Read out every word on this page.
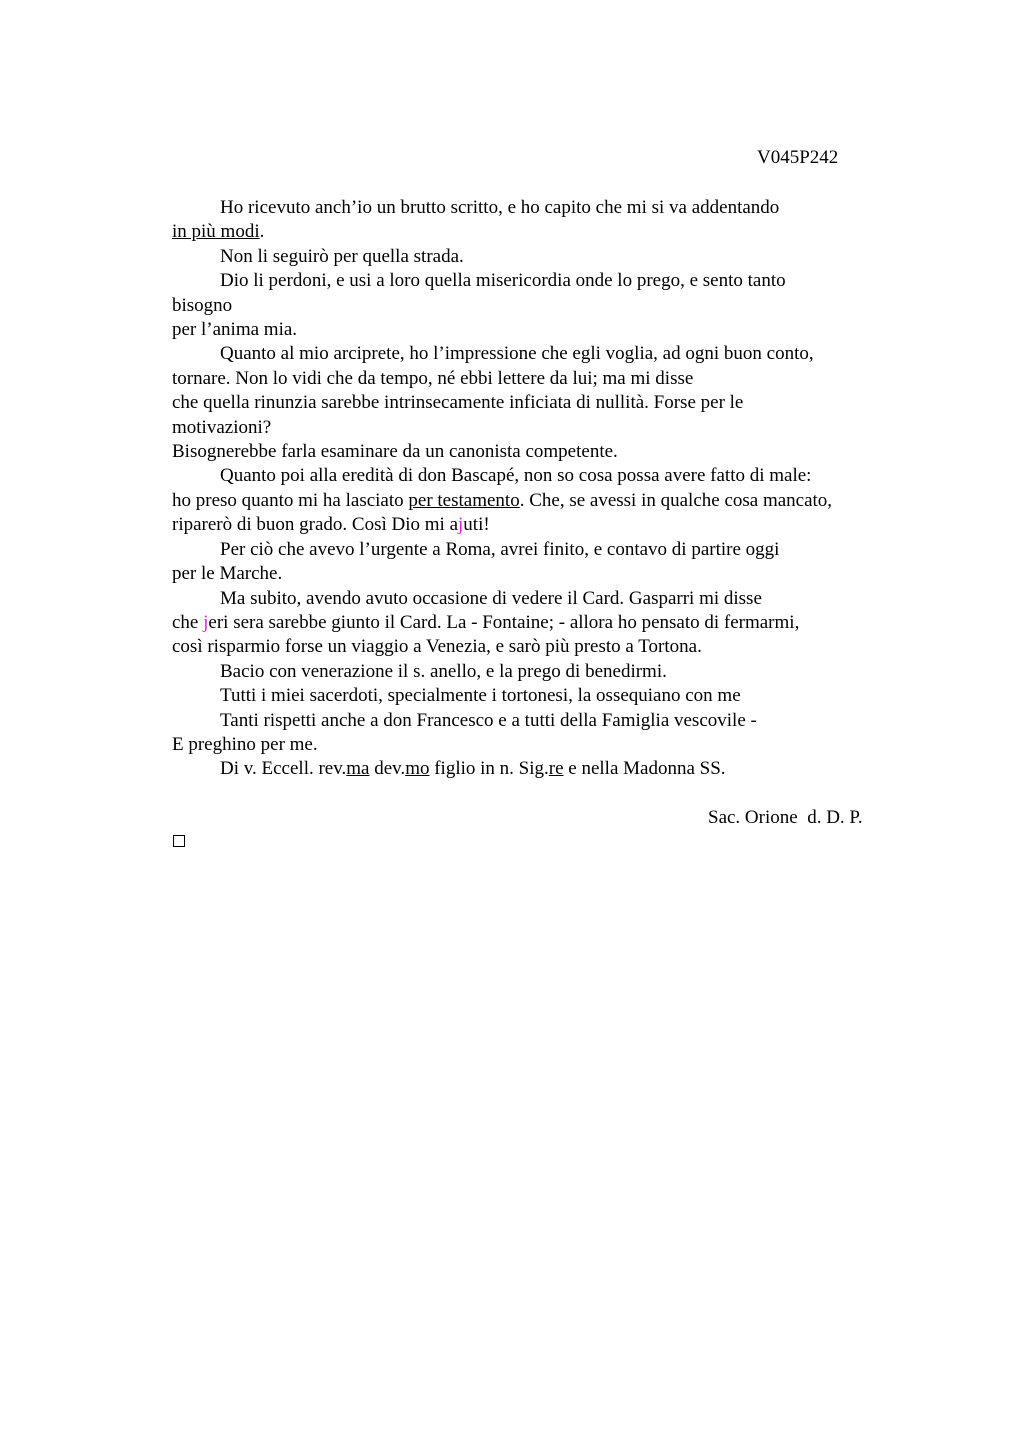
V045P242
Ho ricevuto anch’io un brutto scritto, e ho capito che mi si va addentando
in più modi.
Non li seguirò per quella strada.
Dio li perdoni, e usi a loro quella misericordia onde lo prego, e sento tanto
bisogno
per l’anima mia.
Quanto al mio arciprete, ho l’impressione che egli voglia, ad ogni buon conto,
tornare. Non lo vidi che da tempo, né ebbi lettere da lui; ma mi disse
che quella rinunzia sarebbe intrinsecamente inficiata di nullità. Forse per le
motivazioni?
Bisognerebbe farla esaminare da un canonista competente.
Quanto poi alla eredità di don Bascapé, non so cosa possa avere fatto di male:
ho preso quanto mi ha lasciato per testamento. Che, se avessi in qualche cosa mancato,
riparerò di buon grado. Così Dio mi ajuti!
Per ciò che avevo l’urgente a Roma, avrei finito, e contavo di partire oggi
per le Marche.
Ma subito, avendo avuto occasione di vedere il Card. Gasparri mi disse
che jeri sera sarebbe giunto il Card. La - Fontaine; - allora ho pensato di fermarmi,
così risparmio forse un viaggio a Venezia, e sarò più presto a Tortona.
Bacio con venerazione il s. anello, e la prego di benedirmi.
Tutti i miei sacerdoti, specialmente i tortonesi, la ossequiano con me
Tanti rispetti anche a don Francesco e a tutti della Famiglia vescovile -
E preghino per me.
Di v. Eccell. rev.ma dev.mo figlio in n. Sig.re e nella Madonna SS.
Sac. Orione  d. D. P.
